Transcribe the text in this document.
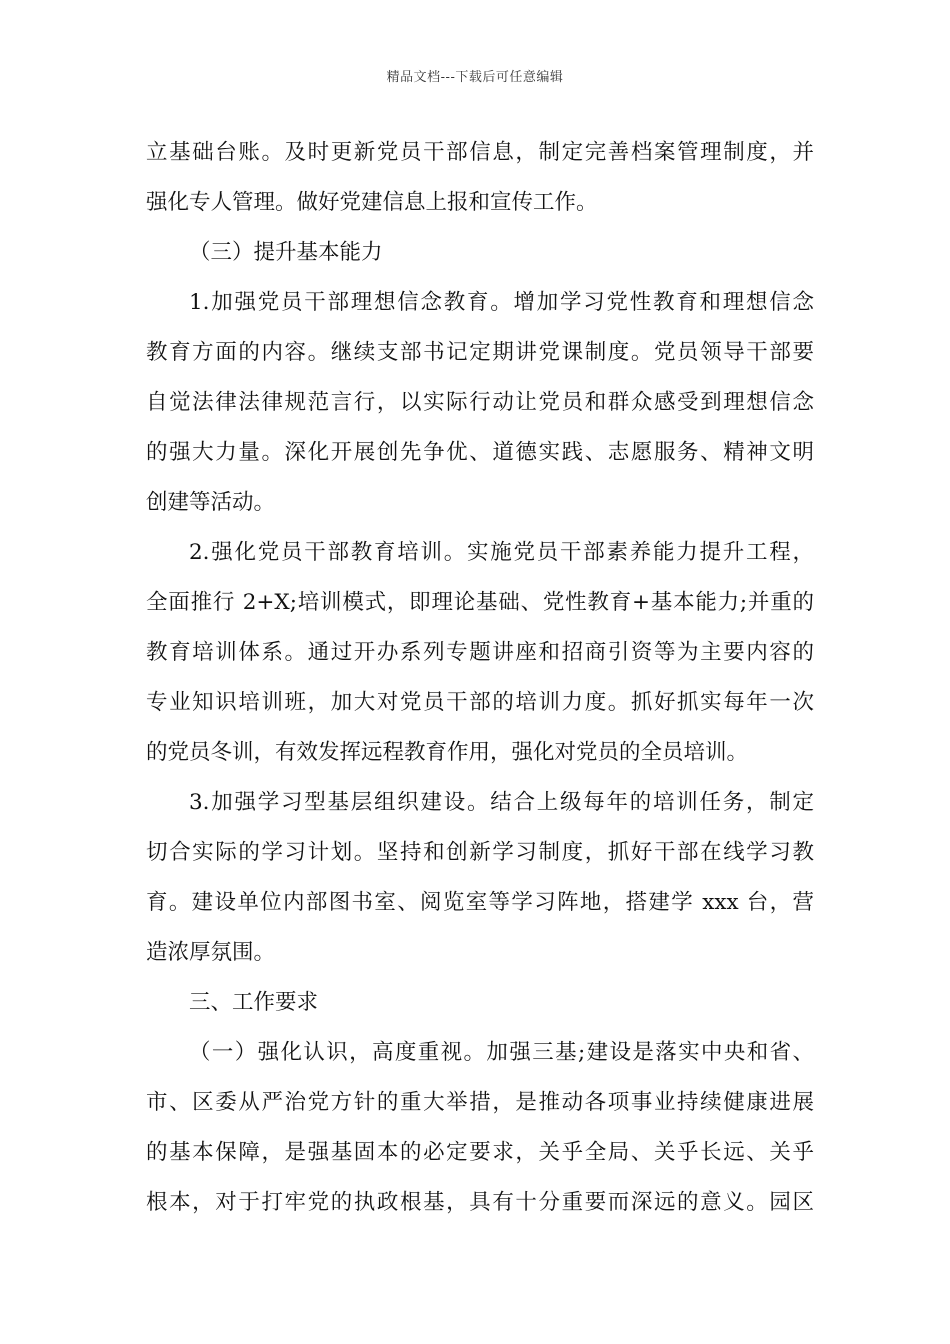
精品文档---下载后可任意编辑
立基础台账。及时更新党员干部信息，制定完善档案管理制度，并
强化专人管理。做好党建信息上报和宣传工作。
（三）提升基本能力
1.加强党员干部理想信念教育。增加学习党性教育和理想信念
教育方面的内容。继续支部书记定期讲党课制度。党员领导干部要
自觉法律法律规范言行，以实际行动让党员和群众感受到理想信念
的强大力量。深化开展创先争优、道德实践、志愿服务、精神文明
创建等活动。
2.强化党员干部教育培训。实施党员干部素养能力提升工程，
全面推行 2+X;培训模式，即理论基础、党性教育+基本能力;并重的
教育培训体系。通过开办系列专题讲座和招商引资等为主要内容的
专业知识培训班，加大对党员干部的培训力度。抓好抓实每年一次
的党员冬训，有效发挥远程教育作用，强化对党员的全员培训。
3.加强学习型基层组织建设。结合上级每年的培训任务，制定
切合实际的学习计划。坚持和创新学习制度，抓好干部在线学习教
育。建设单位内部图书室、阅览室等学习阵地，搭建学 xxx 台，营
造浓厚氛围。
三、工作要求
（一）强化认识，高度重视。加强三基;建设是落实中央和省、
市、区委从严治党方针的重大举措，是推动各项事业持续健康进展
的基本保障，是强基固本的必定要求，关乎全局、关乎长远、关乎
根本，对于打牢党的执政根基，具有十分重要而深远的意义。园区
